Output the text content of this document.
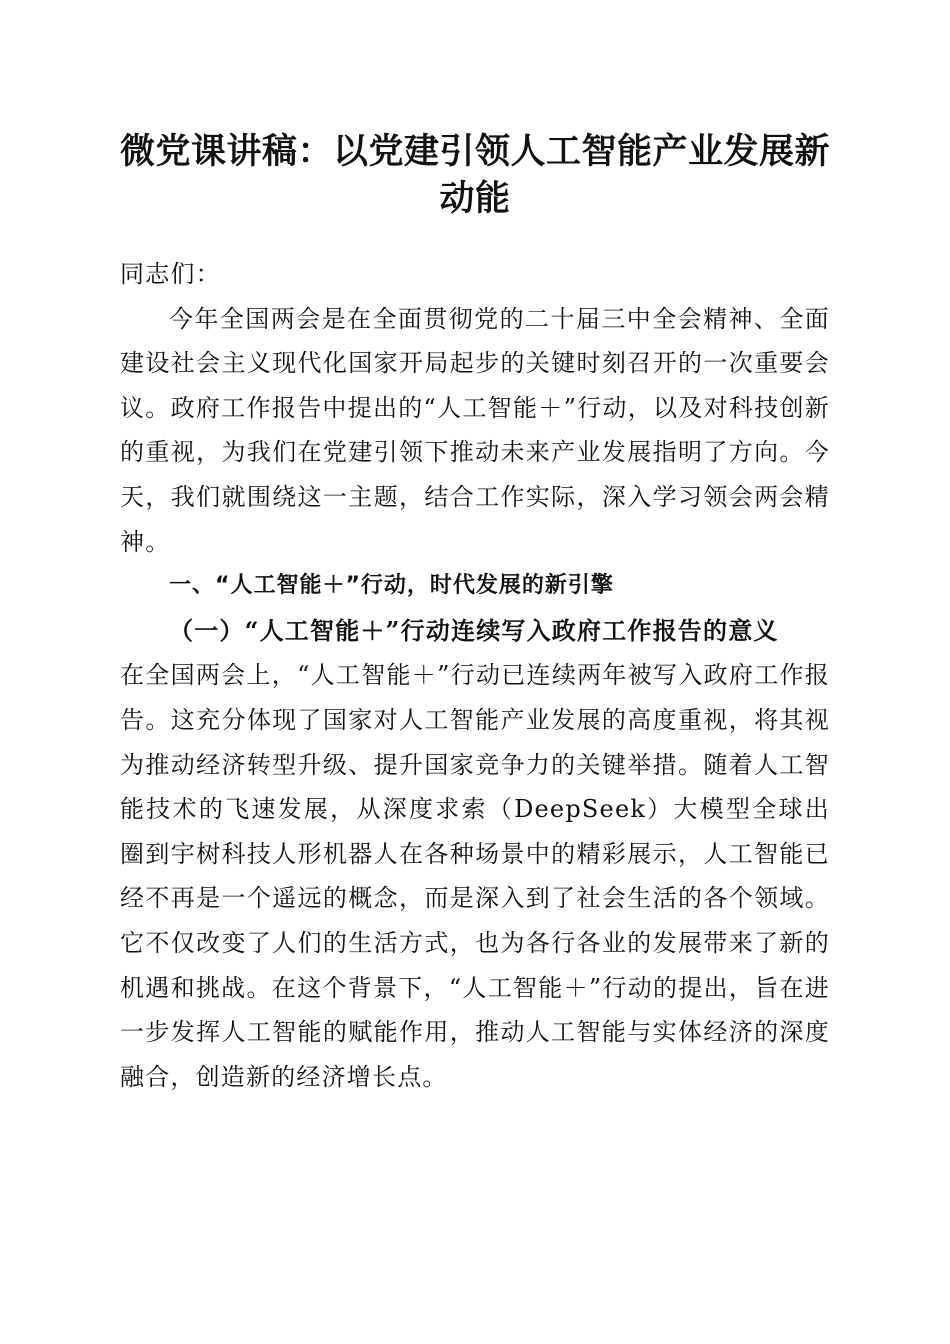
微党课讲稿：以党建引领人工智能产业发展新动能

同志们：

今年全国两会是在全面贯彻党的二十届三中全会精神、全面建设社会主义现代化国家开局起步的关键时刻召开的一次重要会议。政府工作报告中提出的“人工智能＋”行动，以及对科技创新的重视，为我们在党建引领下推动未来产业发展指明了方向。今天，我们就围绕这一主题，结合工作实际，深入学习领会两会精神。

一、“人工智能＋”行动，时代发展的新引擎

（一）“人工智能＋”行动连续写入政府工作报告的意义

在全国两会上，“人工智能＋”行动已连续两年被写入政府工作报告。这充分体现了国家对人工智能产业发展的高度重视，将其视为推动经济转型升级、提升国家竞争力的关键举措。随着人工智能技术的飞速发展，从深度求索（DeepSeek）大模型全球出圈到宇树科技人形机器人在各种场景中的精彩展示，人工智能已经不再是一个遥远的概念，而是深入到了社会生活的各个领域。它不仅改变了人们的生活方式，也为各行各业的发展带来了新的机遇和挑战。在这个背景下，“人工智能＋”行动的提出，旨在进一步发挥人工智能的赋能作用，推动人工智能与实体经济的深度融合，创造新的经济增长点。
